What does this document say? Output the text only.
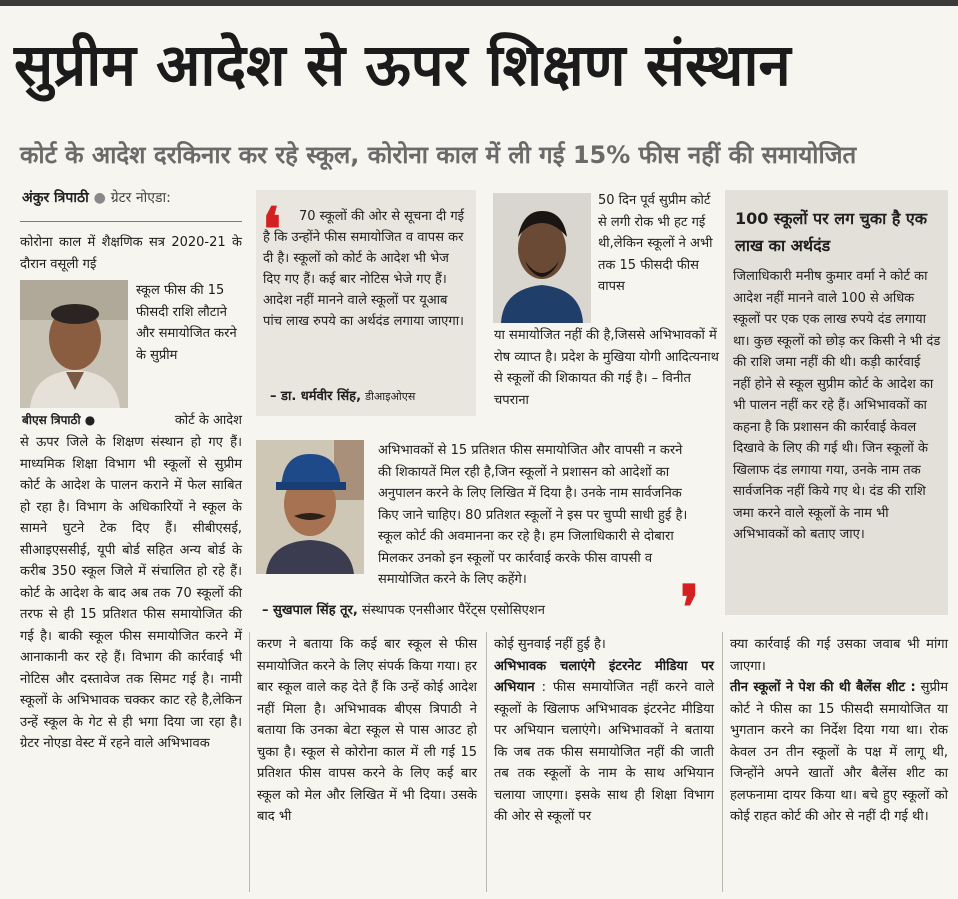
सुप्रीम आदेश से ऊपर शिक्षण संस्थान
कोर्ट के आदेश दरकिनार कर रहे स्कूल, कोरोना काल में ली गई 15% फीस नहीं की समायोजित
अंकुर त्रिपाठी ● ग्रेटर नोएडा:

कोरोना काल में शैक्षणिक सत्र 2020-21 के दौरान वसूली गई

बीएस त्रिपाठी ●

स्कूल फीस की 15 फीसदी राशि लौटाने और समायोजित करने के सुप्रीम

कोर्ट के आदेश

से ऊपर जिले के शिक्षण संस्थान हो गए हैं। माध्यमिक शिक्षा विभाग भी स्कूलों से सुप्रीम कोर्ट के आदेश के पालन कराने में फेल साबित हो रहा है। विभाग के अधिकारियों ने स्कूल के सामने घुटने टेक दिए हैं। सीबीएसई, सीआइएससीई, यूपी बोर्ड सहित अन्य बोर्ड के करीब 350 स्कूल जिले में संचालित हो रहे हैं। कोर्ट के आदेश के बाद अब तक 70 स्कूलों की तरफ से ही 15 प्रतिशत फीस समायोजित की गई है। बाकी स्कूल फीस समायोजित करने में आनाकानी कर रहे हैं। विभाग की कार्रवाई भी नोटिस और दस्तावेज तक सिमट गई है। नामी स्कूलों के अभिभावक चक्कर काट रहे है,लेकिन उन्हें स्कूल के गेट से ही भगा दिया जा रहा है। ग्रेटर नोएडा वेस्ट में रहने वाले अभिभावक

❛	70 स्कूलों की ओर से सूचना दी गई है कि उन्होंने फीस समायोजित व वापस कर दी है। स्कूलों को कोर्ट के आदेश भी भेज दिए गए हैं। कई बार नोटिस भेजे गए हैं। आदेश नहीं मानने वाले स्कूलों पर यूआब पांच लाख रुपये का अर्थदंड लगाया जाएगा।
– डा. धर्मवीर सिंह, डीआइओएस
50 दिन पूर्व सुप्रीम कोर्ट से लगी रोक भी हट गई थी,लेकिन स्कूलों ने अभी तक 15 फीसदी फीस वापस
या समायोजित नहीं की है,जिससे अभिभावकों में रोष व्याप्त है। प्रदेश के मुखिया योगी आदित्यनाथ से स्कूलों की शिकायत की गई है। – विनीत चपराना
अभिभावकों से 15 प्रतिशत फीस समायोजित और वापसी न करने की शिकायतें मिल रही है,जिन स्कूलों ने प्रशासन को आदेशों का अनुपालन करने के लिए लिखित में दिया है। उनके नाम सार्वजनिक किए जाने चाहिए। 80 प्रतिशत स्कूलों ने इस पर चुप्पी साधी हुई है। स्कूल कोर्ट की अवमानना कर रहे है। हम जिलाधिकारी से दोबारा मिलकर उनको इन स्कूलों पर कार्रवाई करके फीस वापसी व समायोजित करने के लिए कहेंगे।
– सुखपाल सिंह तूर, संस्थापक एनसीआर पैरेंट्स एसोसिएशन	❜
100 स्कूलों पर लग चुका है एक लाख का अर्थदंड

जिलाधिकारी मनीष कुमार वर्मा ने कोर्ट का आदेश नहीं मानने वाले 100 से अधिक स्कूलों पर एक एक लाख रुपये दंड लगाया था। कुछ स्कूलों को छोड़ कर किसी ने भी दंड की राशि जमा नहीं की थी। कड़ी कार्रवाई नहीं होने से स्कूल सुप्रीम कोर्ट के आदेश का भी पालन नहीं कर रहे हैं। अभिभावकों का कहना है कि प्रशासन की कार्रवाई केवल दिखावे के लिए की गई थी। जिन स्कूलों के खिलाफ दंड लगाया गया, उनके नाम तक सार्वजनिक नहीं किये गए थे। दंड की राशि जमा करने वाले स्कूलों के नाम भी अभिभावकों को बताए जाए।

करण ने बताया कि कई बार स्कूल से फीस समायोजित करने के लिए संपर्क किया गया। हर बार स्कूल वाले कह देते हैं कि उन्हें कोई आदेश नहीं मिला है। अभिभावक बीएस त्रिपाठी ने बताया कि उनका बेटा स्कूल से पास आउट हो चुका है। स्कूल से कोरोना काल में ली गई 15 प्रतिशत फीस वापस करने के लिए कई बार स्कूल को मेल और लिखित में भी दिया। उसके बाद भी

कोई सुनवाई नहीं हुई है।

अभिभावक चलाएंगे इंटरनेट मीडिया पर अभियान : फीस समायोजित नहीं करने वाले स्कूलों के खिलाफ अभिभावक इंटरनेट मीडिया पर अभियान चलाएंगे। अभिभावकों ने बताया कि जब तक फीस समायोजित नहीं की जाती तब तक स्कूलों के नाम के साथ अभियान चलाया जाएगा। इसके साथ ही शिक्षा विभाग की ओर से स्कूलों पर

क्या कार्रवाई की गई उसका जवाब भी मांगा जाएगा।

तीन स्कूलों ने पेश की थी बैलेंस शीट : सुप्रीम कोर्ट ने फीस का 15 फीसदी समायोजित या भुगतान करने का निर्देश दिया गया था। रोक केवल उन तीन स्कूलों के पक्ष में लागू थी, जिन्होंने अपने खातों और बैलेंस शीट का हलफनामा दायर किया था। बचे हुए स्कूलों को कोई राहत कोर्ट की ओर से नहीं दी गई थी।
